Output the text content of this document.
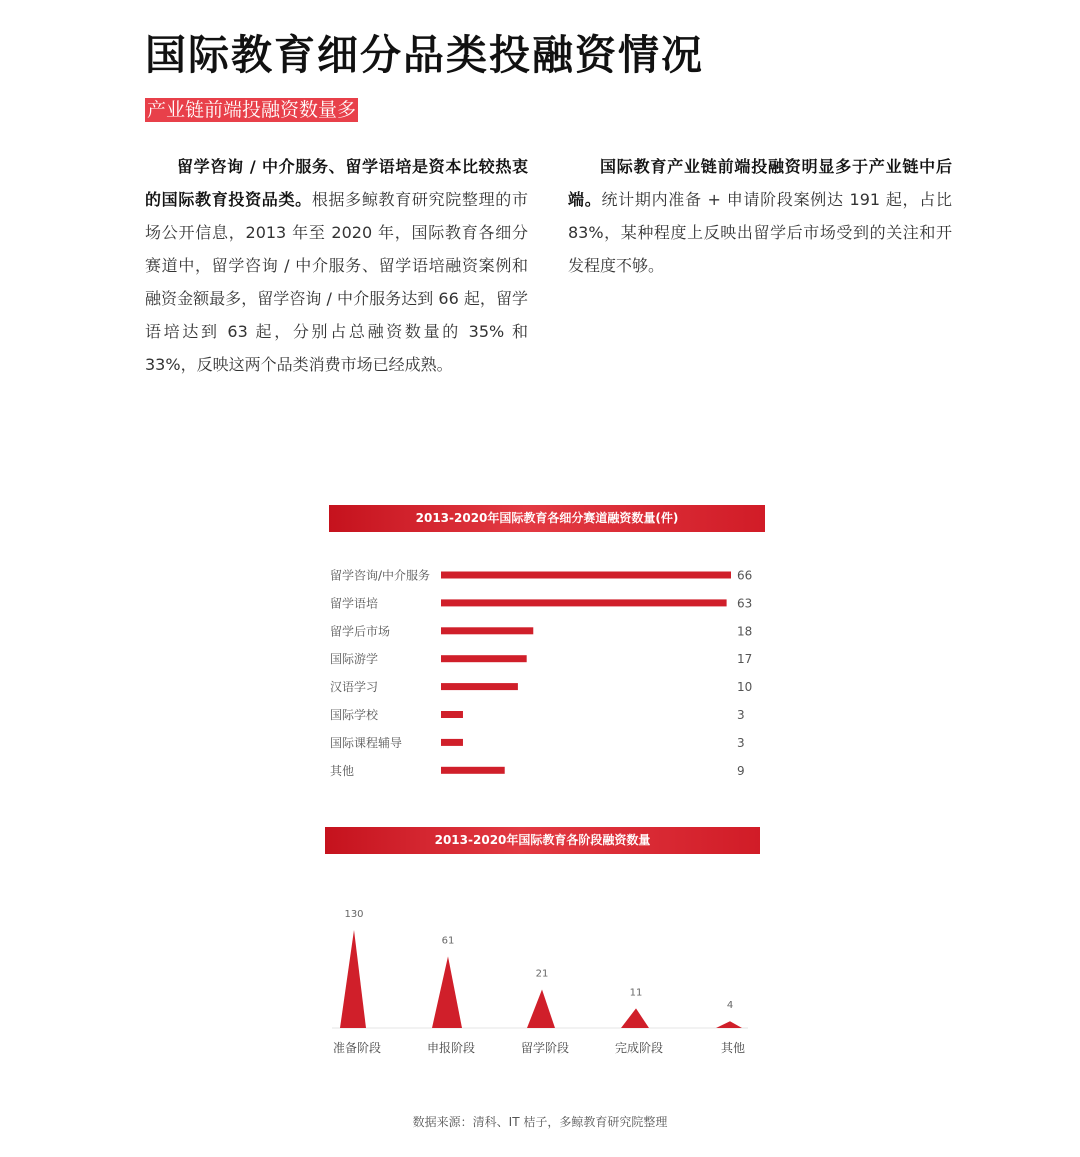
国际教育细分品类投融资情况
产业链前端投融资数量多

留学咨询 / 中介服务、留学语培是资本比较热衷的国际教育投资品类。根据多鲸教育研究院整理的市场公开信息，2013 年至 2020 年，国际教育各细分赛道中，留学咨询 / 中介服务、留学语培融资案例和融资金额最多，留学咨询 / 中介服务达到 66 起，留学语培达到 63 起，分别占总融资数量的 35% 和 33%，反映这两个品类消费市场已经成熟。

国际教育产业链前端投融资明显多于产业链中后端。统计期内准备 + 申请阶段案例达 191 起，占比 83%，某种程度上反映出留学后市场受到的关注和开发程度不够。

2013-2020年国际教育各细分赛道融资数量(件)
2013-2020年国际教育各阶段融资数量
留学咨询/中介服务	66
留学语培	63
留学后市场	18
国际游学	17
汉语学习	10
国际学校	3
国际课程辅导	3
其他	9
130
准备阶段
61
申报阶段
21
留学阶段
11
完成阶段
4
其他
数据来源：清科、IT 桔子，多鲸教育研究院整理
